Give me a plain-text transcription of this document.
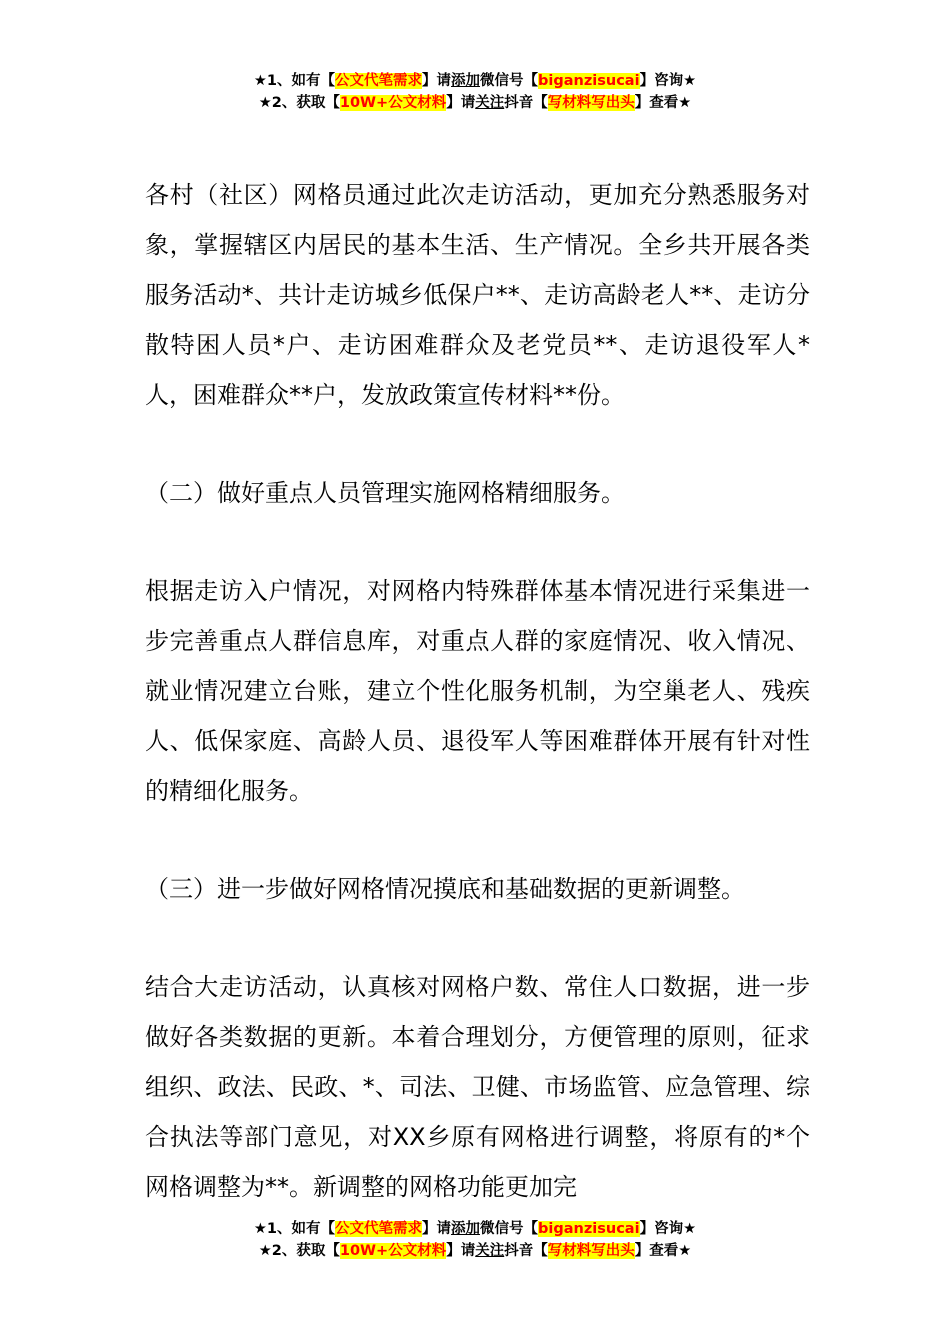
★1、如有【公文代笔需求】请添加微信号【biganzisucai】咨询★
★2、获取【10W+公文材料】请关注抖音【写材料写出头】查看★

各村（社区）网格员通过此次走访活动，更加充分熟悉服务对象，掌握辖区内居民的基本生活、生产情况。全乡共开展各类服务活动*、共计走访城乡低保户**、走访高龄老人**、走访分散特困人员*户、走访困难群众及老党员**、走访退役军人*人，困难群众**户，发放政策宣传材料**份。

（二）做好重点人员管理实施网格精细服务。

根据走访入户情况，对网格内特殊群体基本情况进行采集进一步完善重点人群信息库，对重点人群的家庭情况、收入情况、就业情况建立台账，建立个性化服务机制，为空巢老人、残疾人、低保家庭、高龄人员、退役军人等困难群体开展有针对性的精细化服务。

（三）进一步做好网格情况摸底和基础数据的更新调整。

结合大走访活动，认真核对网格户数、常住人口数据，进一步做好各类数据的更新。本着合理划分，方便管理的原则，征求组织、政法、民政、*、司法、卫健、市场监管、应急管理、综合执法等部门意见，对XX乡原有网格进行调整，将原有的*个网格调整为**。新调整的网格功能更加完

★1、如有【公文代笔需求】请添加微信号【biganzisucai】咨询★
★2、获取【10W+公文材料】请关注抖音【写材料写出头】查看★
